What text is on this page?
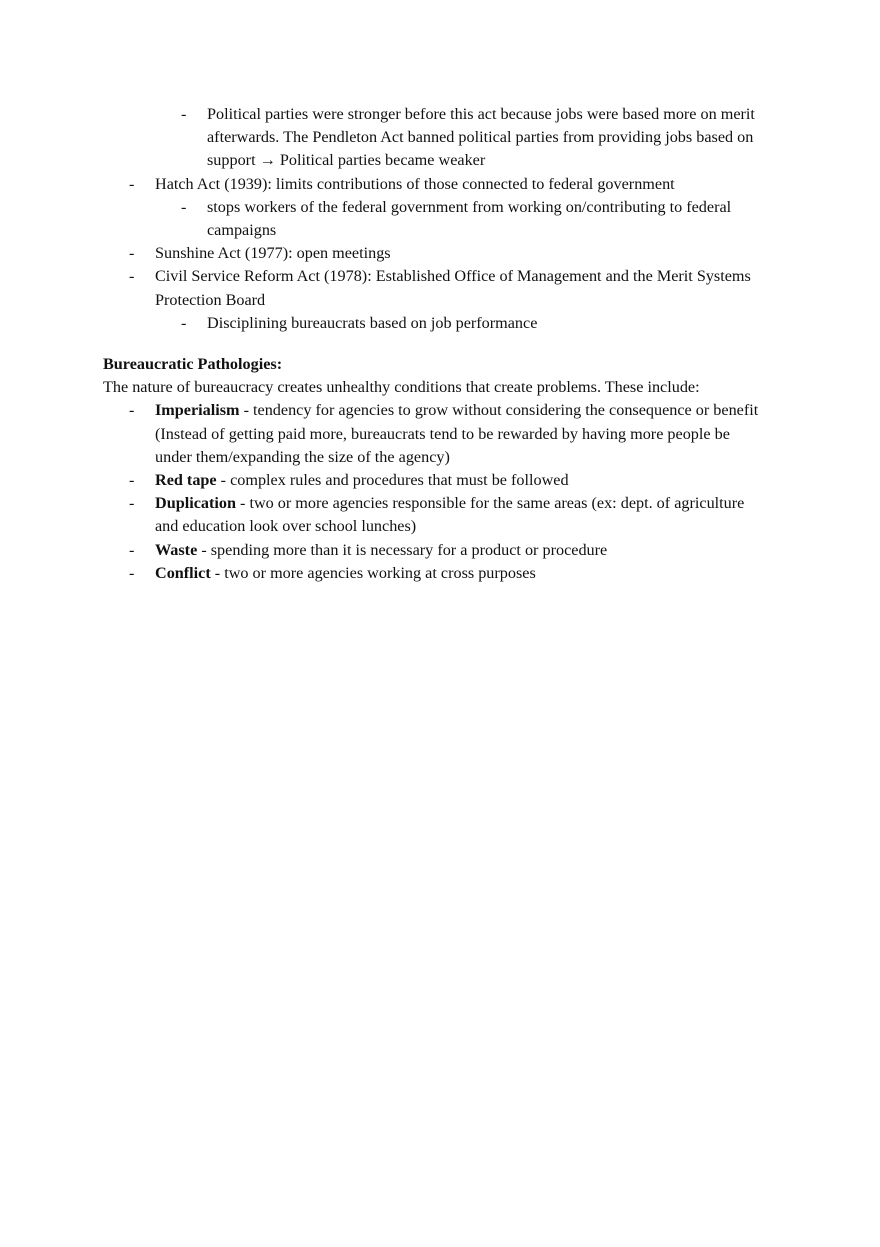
- Political parties were stronger before this act because jobs were based more on merit afterwards. The Pendleton Act banned political parties from providing jobs based on support → Political parties became weaker
- Hatch Act (1939): limits contributions of those connected to federal government
- stops workers of the federal government from working on/contributing to federal campaigns
- Sunshine Act (1977): open meetings
- Civil Service Reform Act (1978): Established Office of Management and the Merit Systems Protection Board
- Disciplining bureaucrats based on job performance
Bureaucratic Pathologies:
The nature of bureaucracy creates unhealthy conditions that create problems. These include:
- Imperialism - tendency for agencies to grow without considering the consequence or benefit (Instead of getting paid more, bureaucrats tend to be rewarded by having more people be under them/expanding the size of the agency)
- Red tape - complex rules and procedures that must be followed
- Duplication - two or more agencies responsible for the same areas (ex: dept. of agriculture and education look over school lunches)
- Waste - spending more than it is necessary for a product or procedure
- Conflict - two or more agencies working at cross purposes
